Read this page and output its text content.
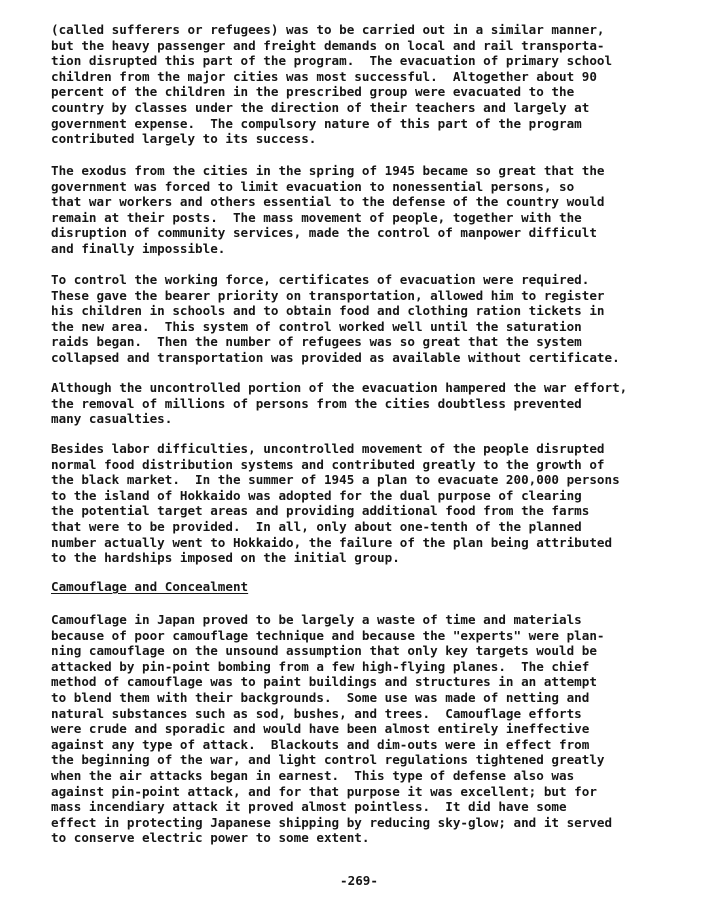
(called sufferers or refugees) was to be carried out in a similar manner,
but the heavy passenger and freight demands on local and rail transporta-
tion disrupted this part of the program.  The evacuation of primary school
children from the major cities was most successful.  Altogether about 90
percent of the children in the prescribed group were evacuated to the
country by classes under the direction of their teachers and largely at
government expense.  The compulsory nature of this part of the program
contributed largely to its success.
The exodus from the cities in the spring of 1945 became so great that the
government was forced to limit evacuation to nonessential persons, so
that war workers and others essential to the defense of the country would
remain at their posts.  The mass movement of people, together with the
disruption of community services, made the control of manpower difficult
and finally impossible.
To control the working force, certificates of evacuation were required.
These gave the bearer priority on transportation, allowed him to register
his children in schools and to obtain food and clothing ration tickets in
the new area.  This system of control worked well until the saturation
raids began.  Then the number of refugees was so great that the system
collapsed and transportation was provided as available without certificate.
Although the uncontrolled portion of the evacuation hampered the war effort,
the removal of millions of persons from the cities doubtless prevented
many casualties.
Besides labor difficulties, uncontrolled movement of the people disrupted
normal food distribution systems and contributed greatly to the growth of
the black market.  In the summer of 1945 a plan to evacuate 200,000 persons
to the island of Hokkaido was adopted for the dual purpose of clearing
the potential target areas and providing additional food from the farms
that were to be provided.  In all, only about one-tenth of the planned
number actually went to Hokkaido, the failure of the plan being attributed
to the hardships imposed on the initial group.
Camouflage and Concealment
Camouflage in Japan proved to be largely a waste of time and materials
because of poor camouflage technique and because the "experts" were plan-
ning camouflage on the unsound assumption that only key targets would be
attacked by pin-point bombing from a few high-flying planes.  The chief
method of camouflage was to paint buildings and structures in an attempt
to blend them with their backgrounds.  Some use was made of netting and
natural substances such as sod, bushes, and trees.  Camouflage efforts
were crude and sporadic and would have been almost entirely ineffective
against any type of attack.  Blackouts and dim-outs were in effect from
the beginning of the war, and light control regulations tightened greatly
when the air attacks began in earnest.  This type of defense also was
against pin-point attack, and for that purpose it was excellent; but for
mass incendiary attack it proved almost pointless.  It did have some
effect in protecting Japanese shipping by reducing sky-glow; and it served
to conserve electric power to some extent.
-269-
